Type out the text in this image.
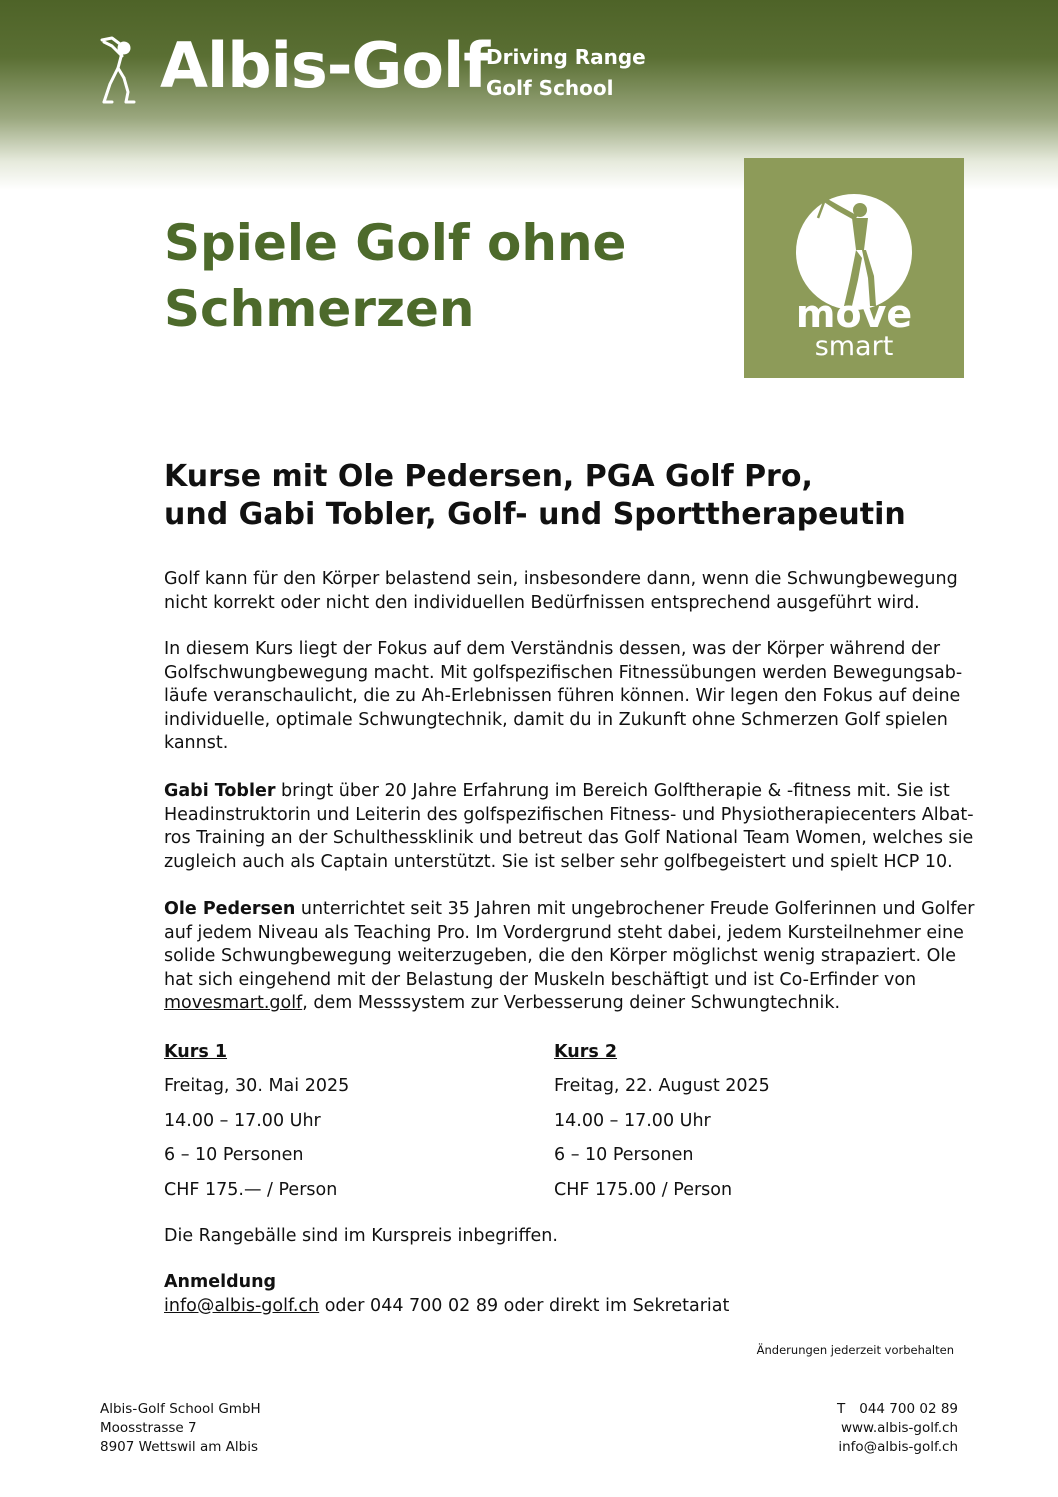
Albis-Golf
Driving Range
Golf School
move
smart
Spiele Golf ohne
Schmerzen
Kurse mit Ole Pedersen, PGA Golf Pro,
und Gabi Tobler, Golf- und Sporttherapeutin
Golf kann für den Körper belastend sein, insbesondere dann, wenn die Schwungbewegung
nicht korrekt oder nicht den individuellen Bedürfnissen entsprechend ausgeführt wird.
In diesem Kurs liegt der Fokus auf dem Verständnis dessen, was der Körper während der
Golfschwungbewegung macht. Mit golfspezifischen Fitnessübungen werden Bewegungsab-
läufe veranschaulicht, die zu Ah-Erlebnissen führen können. Wir legen den Fokus auf deine
individuelle, optimale Schwungtechnik, damit du in Zukunft ohne Schmerzen Golf spielen
kannst.
Gabi Tobler bringt über 20 Jahre Erfahrung im Bereich Golftherapie & -fitness mit. Sie ist
Headinstruktorin und Leiterin des golfspezifischen Fitness- und Physiotherapiecenters Albat-
ros Training an der Schulthessklinik und betreut das Golf National Team Women, welches sie
zugleich auch als Captain unterstützt. Sie ist selber sehr golfbegeistert und spielt HCP 10.
Ole Pedersen unterrichtet seit 35 Jahren mit ungebrochener Freude Golferinnen und Golfer
auf jedem Niveau als Teaching Pro. Im Vordergrund steht dabei, jedem Kursteilnehmer eine
solide Schwungbewegung weiterzugeben, die den Körper möglichst wenig strapaziert. Ole
hat sich eingehend mit der Belastung der Muskeln beschäftigt und ist Co-Erfinder von
movesmart.golf, dem Messsystem zur Verbesserung deiner Schwungtechnik.
Kurs 1
Freitag, 30. Mai 2025
14.00 – 17.00 Uhr
6 – 10 Personen
CHF 175.— / Person
Kurs 2
Freitag, 22. August 2025
14.00 – 17.00 Uhr
6 – 10 Personen
CHF 175.00 / Person
Die Rangebälle sind im Kurspreis inbegriffen.
Anmeldung
info@albis-golf.ch oder 044 700 02 89 oder direkt im Sekretariat
Änderungen jederzeit vorbehalten
Albis-Golf School GmbH
Moosstrasse 7
8907 Wettswil am Albis
T 044 700 02 89
www.albis-golf.ch
info@albis-golf.ch
